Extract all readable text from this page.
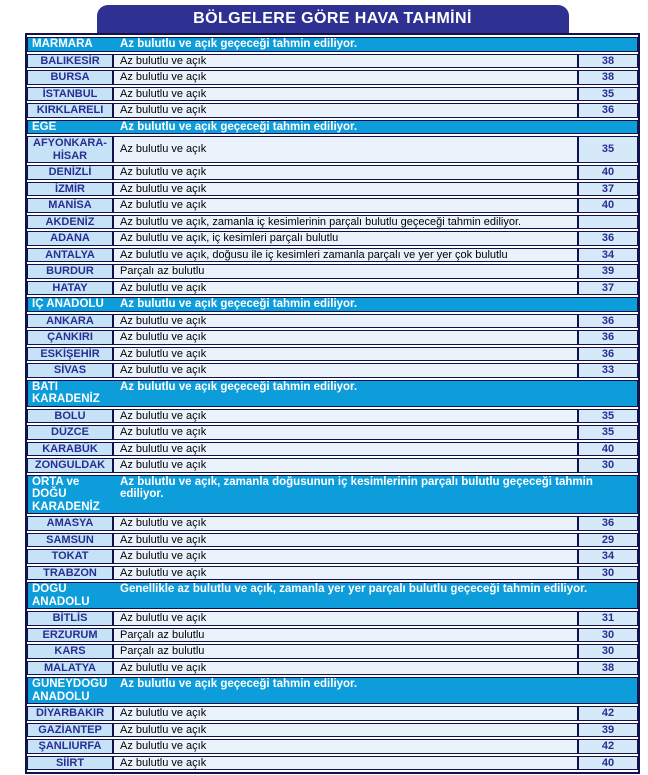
BÖLGELERE GÖRE HAVA TAHMİNİ
MARMARA Az bulutlu ve açık geçeceği tahmin ediliyor.		

BALIKESİR	Az bulutlu ve açık	38
BURSA	Az bulutlu ve açık	38
İSTANBUL	Az bulutlu ve açık	35
KIRKLARELI	Az bulutlu ve açık	36

EGE Az bulutlu ve açık geçeceği tahmin ediliyor.		

AFYONKARA-HİSAR	Az bulutlu ve açık	35
DENİZLİ	Az bulutlu ve açık	40
İZMİR	Az bulutlu ve açık	37
MANİSA	Az bulutlu ve açık	40
AKDENİZ	Az bulutlu ve açık, zamanla iç kesimlerinin parçalı bulutlu geçeceği tahmin ediliyor.	
ADANA	Az bulutlu ve açık, iç kesimleri parçalı bulutlu	36
ANTALYA	Az bulutlu ve açık, doğusu ile iç kesimleri zamanla parçalı ve yer yer çok bulutlu	34
BURDUR	Parçalı az bulutlu	39
HATAY	Az bulutlu ve açık	37

İÇ ANADOLU Az bulutlu ve açık geçeceği tahmin ediliyor.		

ANKARA	Az bulutlu ve açık	36
ÇANKIRI	Az bulutlu ve açık	36
ESKİŞEHİR	Az bulutlu ve açık	36
SİVAS	Az bulutlu ve açık	33

BATI KARADENİZ
Az bulutlu ve açık geçeceği tahmin ediliyor.		

BOLU	Az bulutlu ve açık	35
DÜZCE	Az bulutlu ve açık	35
KARABÜK	Az bulutlu ve açık	40
ZONGULDAK	Az bulutlu ve açık	30

ORTA ve DOĞU KARADENİZ
Az bulutlu ve açık, zamanla doğusunun iç kesimlerinin parçalı bulutlu geçeceği tahmin ediliyor.		

AMASYA	Az bulutlu ve açık	36
SAMSUN	Az bulutlu ve açık	29
TOKAT	Az bulutlu ve açık	34
TRABZON	Az bulutlu ve açık	30

DOĞU ANADOLU
Genellikle az bulutlu ve açık, zamanla yer yer parçalı bulutlu geçeceği tahmin ediliyor.		

BİTLİS	Az bulutlu ve açık	31
ERZURUM	Parçalı az bulutlu	30
KARS	Parçalı az bulutlu	30
MALATYA	Az bulutlu ve açık	38

GÜNEYDOĞU ANADOLU
Az bulutlu ve açık geçeceği tahmin ediliyor.		

DİYARBAKIR	Az bulutlu ve açık	42
GAZİANTEP	Az bulutlu ve açık	39
ŞANLIURFA	Az bulutlu ve açık	42
SİİRT	Az bulutlu ve açık	40
